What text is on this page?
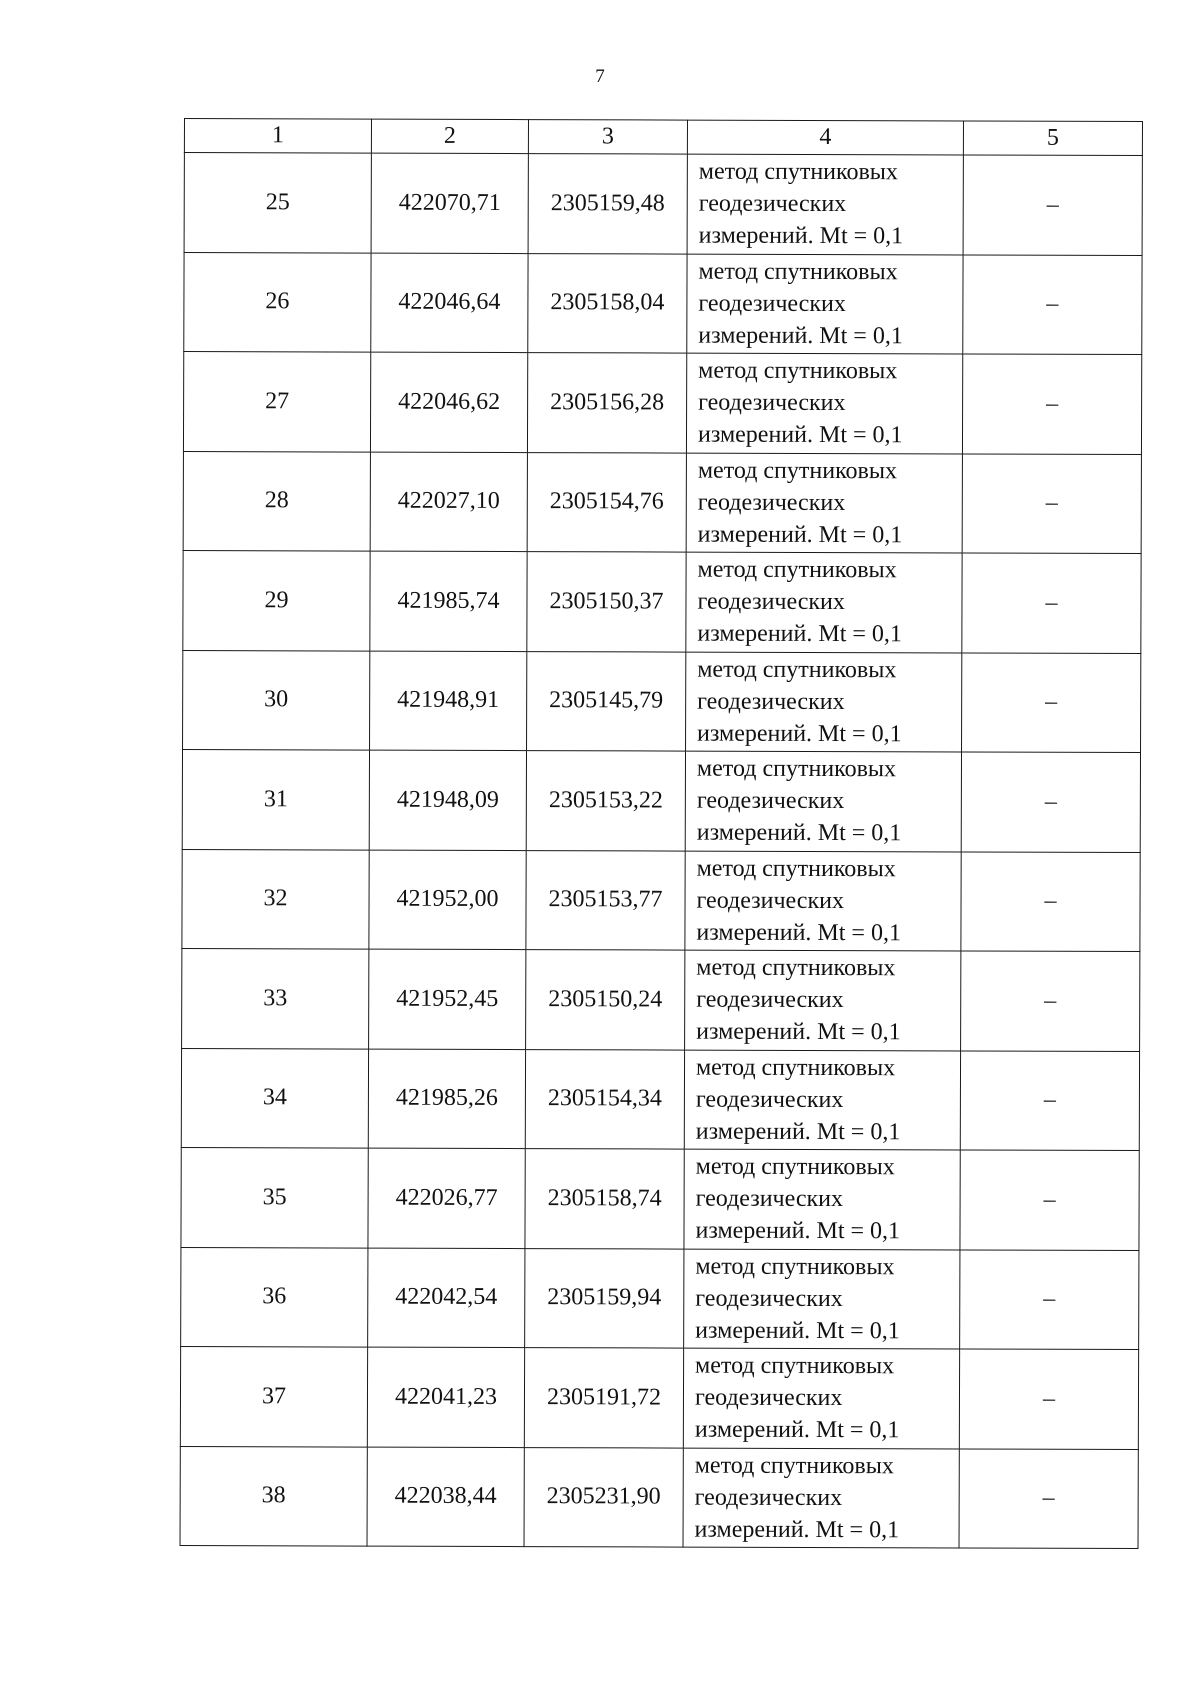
7
1	2	3	4	5
25	422070,71	2305159,48	метод спутниковых
геодезических
измерений. Mt = 0,1	–
26	422046,64	2305158,04	метод спутниковых
геодезических
измерений. Mt = 0,1	–
27	422046,62	2305156,28	метод спутниковых
геодезических
измерений. Mt = 0,1	–
28	422027,10	2305154,76	метод спутниковых
геодезических
измерений. Mt = 0,1	–
29	421985,74	2305150,37	метод спутниковых
геодезических
измерений. Mt = 0,1	–
30	421948,91	2305145,79	метод спутниковых
геодезических
измерений. Mt = 0,1	–
31	421948,09	2305153,22	метод спутниковых
геодезических
измерений. Mt = 0,1	–
32	421952,00	2305153,77	метод спутниковых
геодезических
измерений. Mt = 0,1	–
33	421952,45	2305150,24	метод спутниковых
геодезических
измерений. Mt = 0,1	–
34	421985,26	2305154,34	метод спутниковых
геодезических
измерений. Mt = 0,1	–
35	422026,77	2305158,74	метод спутниковых
геодезических
измерений. Mt = 0,1	–
36	422042,54	2305159,94	метод спутниковых
геодезических
измерений. Mt = 0,1	–
37	422041,23	2305191,72	метод спутниковых
геодезических
измерений. Mt = 0,1	–
38	422038,44	2305231,90	метод спутниковых
геодезических
измерений. Mt = 0,1	–
